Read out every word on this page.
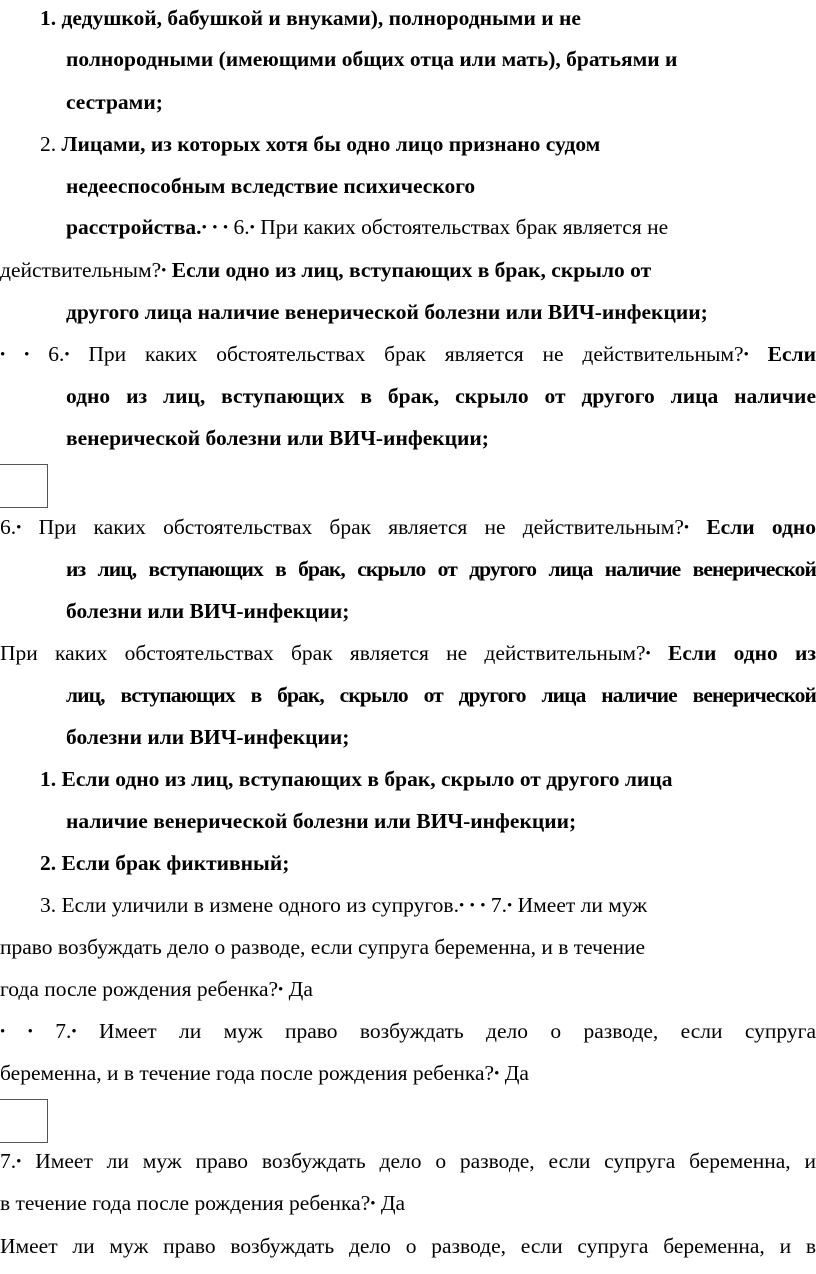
1. дедушкой, бабушкой и внуками), полнородными и не
полнородными (имеющими общих отца или мать), братьями и
сестрами;
2. Лицами, из которых хотя бы одно лицо признано судом
недееспособным вследствие психического
расстройства.• • • 6.• При каких обстоятельствах брак является не
действительным?• Если одно из лиц, вступающих в брак, скрыло от
другого лица наличие венерической болезни или ВИЧ-инфекции;
• • 6.• При каких обстоятельствах брак является не действительным?• Если
одно из лиц, вступающих в брак, скрыло от другого лица наличие
венерической болезни или ВИЧ-инфекции;
6.• При каких обстоятельствах брак является не действительным?• Если одно
из лиц, вступающих в брак, скрыло от другого лица наличие венерической
болезни или ВИЧ-инфекции;
При каких обстоятельствах брак является не действительным?• Если одно из
лиц, вступающих в брак, скрыло от другого лица наличие венерической
болезни или ВИЧ-инфекции;
1. Если одно из лиц, вступающих в брак, скрыло от другого лица
наличие венерической болезни или ВИЧ-инфекции;
2. Если брак фиктивный;
3. Если уличили в измене одного из супругов.• • • 7.• Имеет ли муж
право возбуждать дело о разводе, если супруга беременна, и в течение
года после рождения ребенка?• Да
• • 7.• Имеет ли муж право возбуждать дело о разводе, если супруга
беременна, и в течение года после рождения ребенка?• Да
7.• Имеет ли муж право возбуждать дело о разводе, если супруга беременна, и
в течение года после рождения ребенка?• Да
Имеет ли муж право возбуждать дело о разводе, если супруга беременна, и в
